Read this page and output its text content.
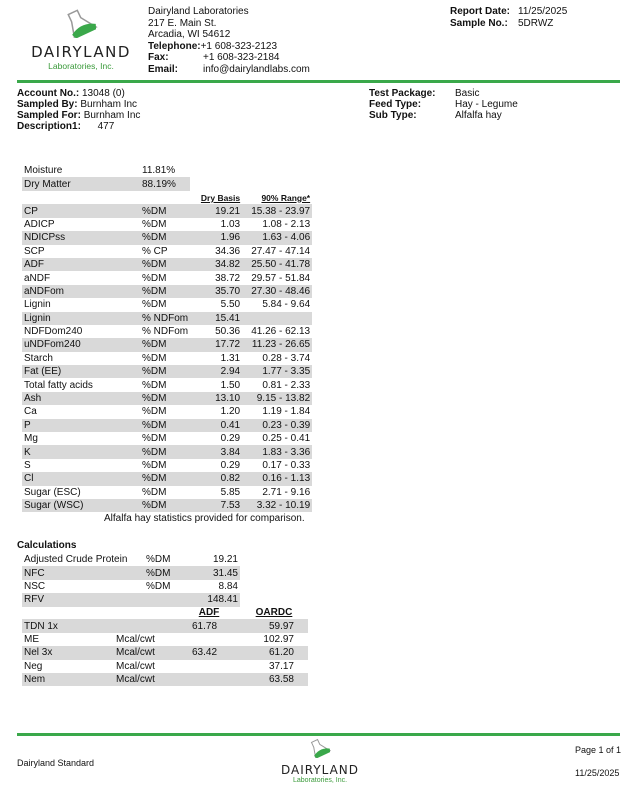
DAIRYLAND
Laboratories, Inc.
Dairyland Laboratories
217 E. Main St.
Arcadia, WI 54612
Telephone: +1 608-323-2123
Fax:	+1 608-323-2184
Email:	info@dairylandlabs.com
Report Date: 11/25/2025
Sample No.: 5DRWZ
Account No.: 13048 (0)
Sampled By: Burnham Inc
Sampled For: Burnham Inc
Description1: 477
Test Package: Basic
Feed Type:	Hay - Legume
Sub Type:	Alfalfa hay
Moisture	11.81%
Dry Matter	88.19%
		Dry Basis	90% Range*
CP	%DM	19.21	15.38 - 23.97
ADICP	%DM	1.03	1.08 - 2.13
NDICPss	%DM	1.96	1.63 - 4.06
SCP	% CP	34.36	27.47 - 47.14
ADF	%DM	34.82	25.50 - 41.78
aNDF	%DM	38.72	29.57 - 51.84
aNDFom	%DM	35.70	27.30 - 48.46
Lignin	%DM	5.50	5.84 - 9.64
Lignin	% NDFom	15.41	
NDFDom240	% NDFom	50.36	41.26 - 62.13
uNDFom240	%DM	17.72	11.23 - 26.65
Starch	%DM	1.31	0.28 - 3.74
Fat (EE)	%DM	2.94	1.77 - 3.35
Total fatty acids	%DM	1.50	0.81 - 2.33
Ash	%DM	13.10	9.15 - 13.82
Ca	%DM	1.20	1.19 - 1.84
P	%DM	0.41	0.23 - 0.39
Mg	%DM	0.29	0.25 - 0.41
K	%DM	3.84	1.83 - 3.36
S	%DM	0.29	0.17 - 0.33
Cl	%DM	0.82	0.16 - 1.13
Sugar (ESC)	%DM	5.85	2.71 - 9.16
Sugar (WSC)	%DM	7.53	3.32 - 10.19
Alfalfa hay statistics provided for comparison.
Calculations
Adjusted Crude Protein	%DM	19.21
NFC	%DM	31.45
NSC	%DM	8.84
RFV		148.41
		ADF	OARDC
TDN 1x		61.78	59.97
ME	Mcal/cwt		102.97
Nel 3x	Mcal/cwt	63.42	61.20
Neg	Mcal/cwt		37.17
Nem	Mcal/cwt		63.58
Dairyland Standard	DAIRYLAND
Laboratories, Inc.
Page 1 of 1
11/25/2025
